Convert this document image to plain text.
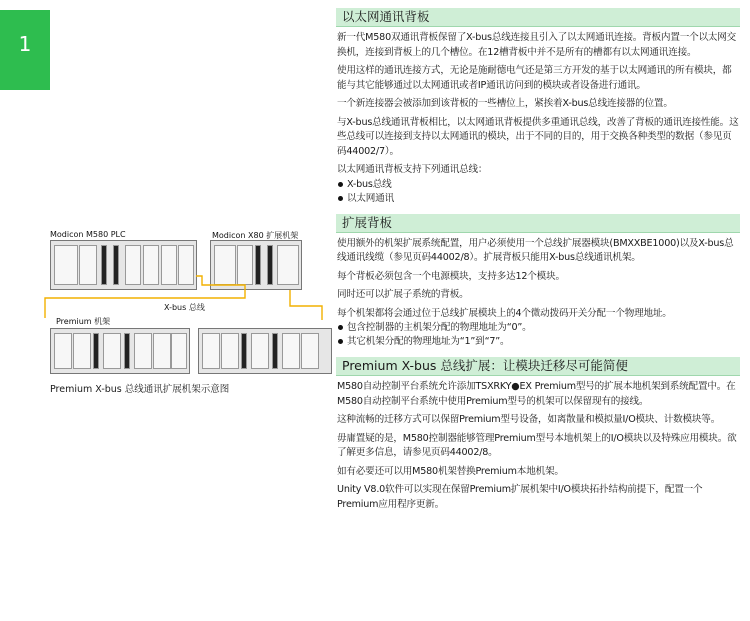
1
Modicon M580 PLC	Modicon X80 扩展机架
X-bus 总线
Premium 机架
Premium X-bus 总线通讯扩展机架示意图
以太网通讯背板

新一代M580双通讯背板保留了X-bus总线连接且引入了以太网通讯连接。背板内置一个以太网交换机，连接到背板上的几个槽位。在12槽背板中并不是所有的槽都有以太网通讯连接。

使用这样的通讯连接方式，无论是施耐德电气还是第三方开发的基于以太网通讯的所有模块，都能与其它能够通过以太网通讯或者IP通讯访问到的模块或者设备进行通讯。

一个新连接器会被添加到该背板的一些槽位上，紧挨着X-bus总线连接器的位置。

与X-bus总线通讯背板相比，以太网通讯背板提供多重通讯总线，改善了背板的通讯连接性能。这些总线可以连接到支持以太网通讯的模块，出于不同的目的，用于交换各种类型的数据（参见页码44002/7）。

以太网通讯背板支持下列通讯总线：

X-bus总线

以太网通讯

扩展背板

使用额外的机架扩展系统配置，用户必须使用一个总线扩展器模块(BMXXBE1000)以及X-bus总线通讯线缆（参见页码44002/8）。扩展背板只能用X-bus总线通讯机架。

每个背板必须包含一个电源模块，支持多达12个模块。

同时还可以扩展子系统的背板。

每个机架都将会通过位于总线扩展模块上的4个微动拨码开关分配一个物理地址。

包含控制器的主机架分配的物理地址为“0”。

其它机架分配的物理地址为“1”到“7”。

Premium X-bus 总线扩展：让模块迁移尽可能简便

M580自动控制平台系统允许添加TSXRKY●EX Premium型号的扩展本地机架到系统配置中。在M580自动控制平台系统中使用Premium型号的机架可以保留现有的接线。

这种流畅的迁移方式可以保留Premium型号设备，如离散量和模拟量I/O模块、计数模块等。

毋庸置疑的是，M580控制器能够管理Premium型号本地机架上的I/O模块以及特殊应用模块。欲了解更多信息，请参见页码44002/8。

如有必要还可以用M580机架替换Premium本地机架。

Unity V8.0软件可以实现在保留Premium扩展机架中I/O模块拓扑结构前提下，配置一个Premium应用程序更新。
